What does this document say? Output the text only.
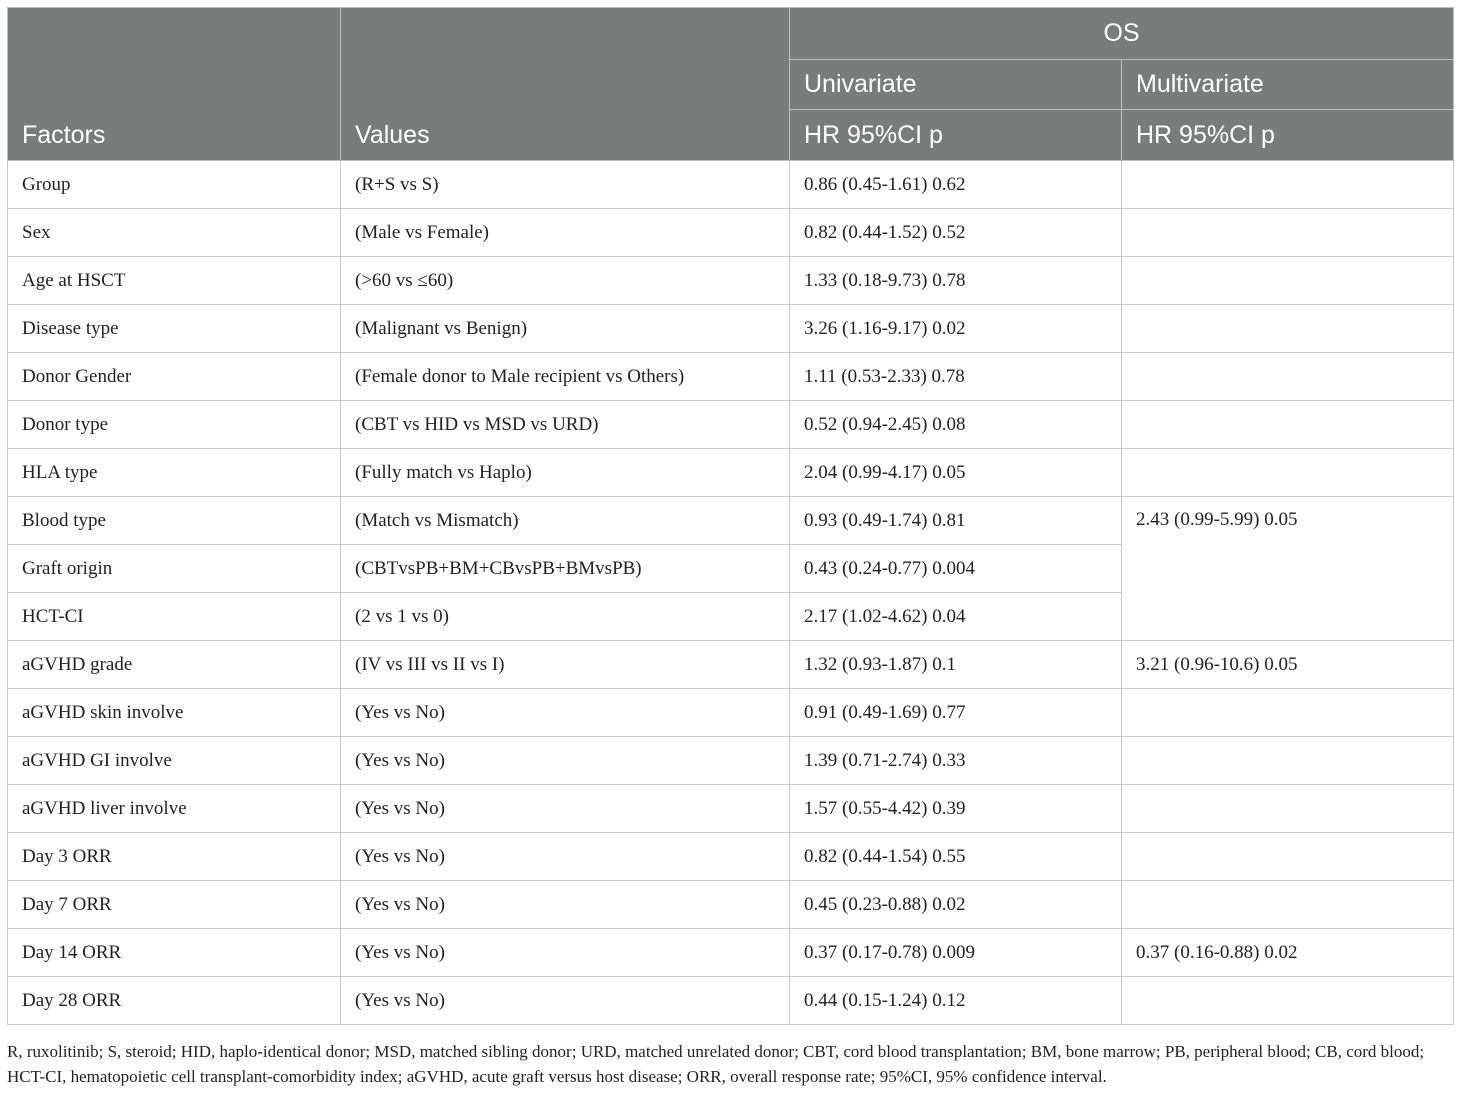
Factors	Values	OS	
		Univariate	Multivariate
		HR 95%CI p	HR 95%CI p
Group	(R+S vs S)	0.86 (0.45-1.61) 0.62	
Sex	(Male vs Female)	0.82 (0.44-1.52) 0.52	
Age at HSCT	(>60 vs ≤60)	1.33 (0.18-9.73) 0.78	
Disease type	(Malignant vs Benign)	3.26 (1.16-9.17) 0.02	
Donor Gender	(Female donor to Male recipient vs Others)	1.11 (0.53-2.33) 0.78	
Donor type	(CBT vs HID vs MSD vs URD)	0.52 (0.94-2.45) 0.08	
HLA type	(Fully match vs Haplo)	2.04 (0.99-4.17) 0.05	
Blood type	(Match vs Mismatch)	0.93 (0.49-1.74) 0.81	2.43 (0.99-5.99) 0.05
Graft origin	(CBTvsPB+BM+CBvsPB+BMvsPB)	0.43 (0.24-0.77) 0.004	
HCT-CI	(2 vs 1 vs 0)	2.17 (1.02-4.62) 0.04	
aGVHD grade	(IV vs III vs II vs I)	1.32 (0.93-1.87) 0.1	3.21 (0.96-10.6) 0.05
aGVHD skin involve	(Yes vs No)	0.91 (0.49-1.69) 0.77	
aGVHD GI involve	(Yes vs No)	1.39 (0.71-2.74) 0.33	
aGVHD liver involve	(Yes vs No)	1.57 (0.55-4.42) 0.39	
Day 3 ORR	(Yes vs No)	0.82 (0.44-1.54) 0.55	
Day 7 ORR	(Yes vs No)	0.45 (0.23-0.88) 0.02	
Day 14 ORR	(Yes vs No)	0.37 (0.17-0.78) 0.009	0.37 (0.16-0.88) 0.02
Day 28 ORR	(Yes vs No)	0.44 (0.15-1.24) 0.12	
R, ruxolitinib; S, steroid; HID, haplo-identical donor; MSD, matched sibling donor; URD, matched unrelated donor; CBT, cord blood transplantation; BM, bone marrow; PB, peripheral blood; CB, cord blood; HCT-CI, hematopoietic cell transplant-comorbidity index; aGVHD, acute graft versus host disease; ORR, overall response rate; 95%CI, 95% confidence interval.
